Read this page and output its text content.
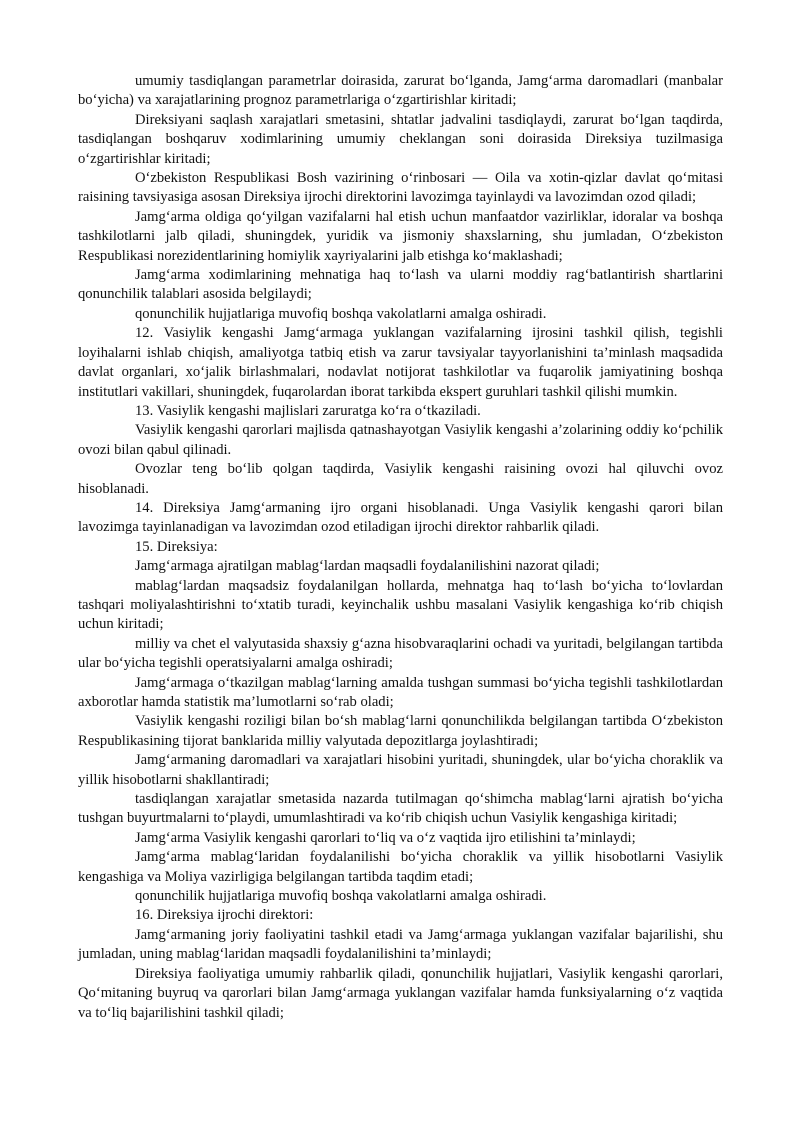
umumiy tasdiqlangan parametrlar doirasida, zarurat bo‘lganda, Jamg‘arma daromadlari (manbalar bo‘yicha) va xarajatlarining prognoz parametrlariga o‘zgartirishlar kiritadi;

Direksiyani saqlash xarajatlari smetasini, shtatlar jadvalini tasdiqlaydi, zarurat bo‘lgan taqdirda, tasdiqlangan boshqaruv xodimlarining umumiy cheklangan soni doirasida Direksiya tuzilmasiga o‘zgartirishlar kiritadi;

O‘zbekiston Respublikasi Bosh vazirining o‘rinbosari — Oila va xotin-qizlar davlat qo‘mitasi raisining tavsiyasiga asosan Direksiya ijrochi direktorini lavozimga tayinlaydi va lavozimdan ozod qiladi;

Jamg‘arma oldiga qo‘yilgan vazifalarni hal etish uchun manfaatdor vazirliklar, idoralar va boshqa tashkilotlarni jalb qiladi, shuningdek, yuridik va jismoniy shaxslarning, shu jumladan, O‘zbekiston Respublikasi norezidentlarining homiylik xayriyalarini jalb etishga ko‘maklashadi;

Jamg‘arma xodimlarining mehnatiga haq to‘lash va ularni moddiy rag‘batlantirish shartlarini qonunchilik talablari asosida belgilaydi;

qonunchilik hujjatlariga muvofiq boshqa vakolatlarni amalga oshiradi.

12. Vasiylik kengashi Jamg‘armaga yuklangan vazifalarning ijrosini tashkil qilish, tegishli loyihalarni ishlab chiqish, amaliyotga tatbiq etish va zarur tavsiyalar tayyorlanishini ta’minlash maqsadida davlat organlari, xo‘jalik birlashmalari, nodavlat notijorat tashkilotlar va fuqarolik jamiyatining boshqa institutlari vakillari, shuningdek, fuqarolardan iborat tarkibda ekspert guruhlari tashkil qilishi mumkin.

13. Vasiylik kengashi majlislari zaruratga ko‘ra o‘tkaziladi.

Vasiylik kengashi qarorlari majlisda qatnashayotgan Vasiylik kengashi a’zolarining oddiy ko‘pchilik ovozi bilan qabul qilinadi.

Ovozlar teng bo‘lib qolgan taqdirda, Vasiylik kengashi raisining ovozi hal qiluvchi ovoz hisoblanadi.

14. Direksiya Jamg‘armaning ijro organi hisoblanadi. Unga Vasiylik kengashi qarori bilan lavozimga tayinlanadigan va lavozimdan ozod etiladigan ijrochi direktor rahbarlik qiladi.

15. Direksiya:

Jamg‘armaga ajratilgan mablag‘lardan maqsadli foydalanilishini nazorat qiladi;

mablag‘lardan maqsadsiz foydalanilgan hollarda, mehnatga haq to‘lash bo‘yicha to‘lovlardan tashqari moliyalashtirishni to‘xtatib turadi, keyinchalik ushbu masalani Vasiylik kengashiga ko‘rib chiqish uchun kiritadi;

milliy va chet el valyutasida shaxsiy g‘azna hisobvaraqlarini ochadi va yuritadi, belgilangan tartibda ular bo‘yicha tegishli operatsiyalarni amalga oshiradi;

Jamg‘armaga o‘tkazilgan mablag‘larning amalda tushgan summasi bo‘yicha tegishli tashkilotlardan axborotlar hamda statistik ma’lumotlarni so‘rab oladi;

Vasiylik kengashi roziligi bilan bo‘sh mablag‘larni qonunchilikda belgilangan tartibda O‘zbekiston Respublikasining tijorat banklarida milliy valyutada depozitlarga joylashtiradi;

Jamg‘armaning daromadlari va xarajatlari hisobini yuritadi, shuningdek, ular bo‘yicha choraklik va yillik hisobotlarni shakllantiradi;

tasdiqlangan xarajatlar smetasida nazarda tutilmagan qo‘shimcha mablag‘larni ajratish bo‘yicha tushgan buyurtmalarni to‘playdi, umumlashtiradi va ko‘rib chiqish uchun Vasiylik kengashiga kiritadi;

Jamg‘arma Vasiylik kengashi qarorlari to‘liq va o‘z vaqtida ijro etilishini ta’minlaydi;

Jamg‘arma mablag‘laridan foydalanilishi bo‘yicha choraklik va yillik hisobotlarni Vasiylik kengashiga va Moliya vazirligiga belgilangan tartibda taqdim etadi;

qonunchilik hujjatlariga muvofiq boshqa vakolatlarni amalga oshiradi.

16. Direksiya ijrochi direktori:

Jamg‘armaning joriy faoliyatini tashkil etadi va Jamg‘armaga yuklangan vazifalar bajarilishi, shu jumladan, uning mablag‘laridan maqsadli foydalanilishini ta’minlaydi;

Direksiya faoliyatiga umumiy rahbarlik qiladi, qonunchilik hujjatlari, Vasiylik kengashi qarorlari, Qo‘mitaning buyruq va qarorlari bilan Jamg‘armaga yuklangan vazifalar hamda funksiyalarning o‘z vaqtida va to‘liq bajarilishini tashkil qiladi;
